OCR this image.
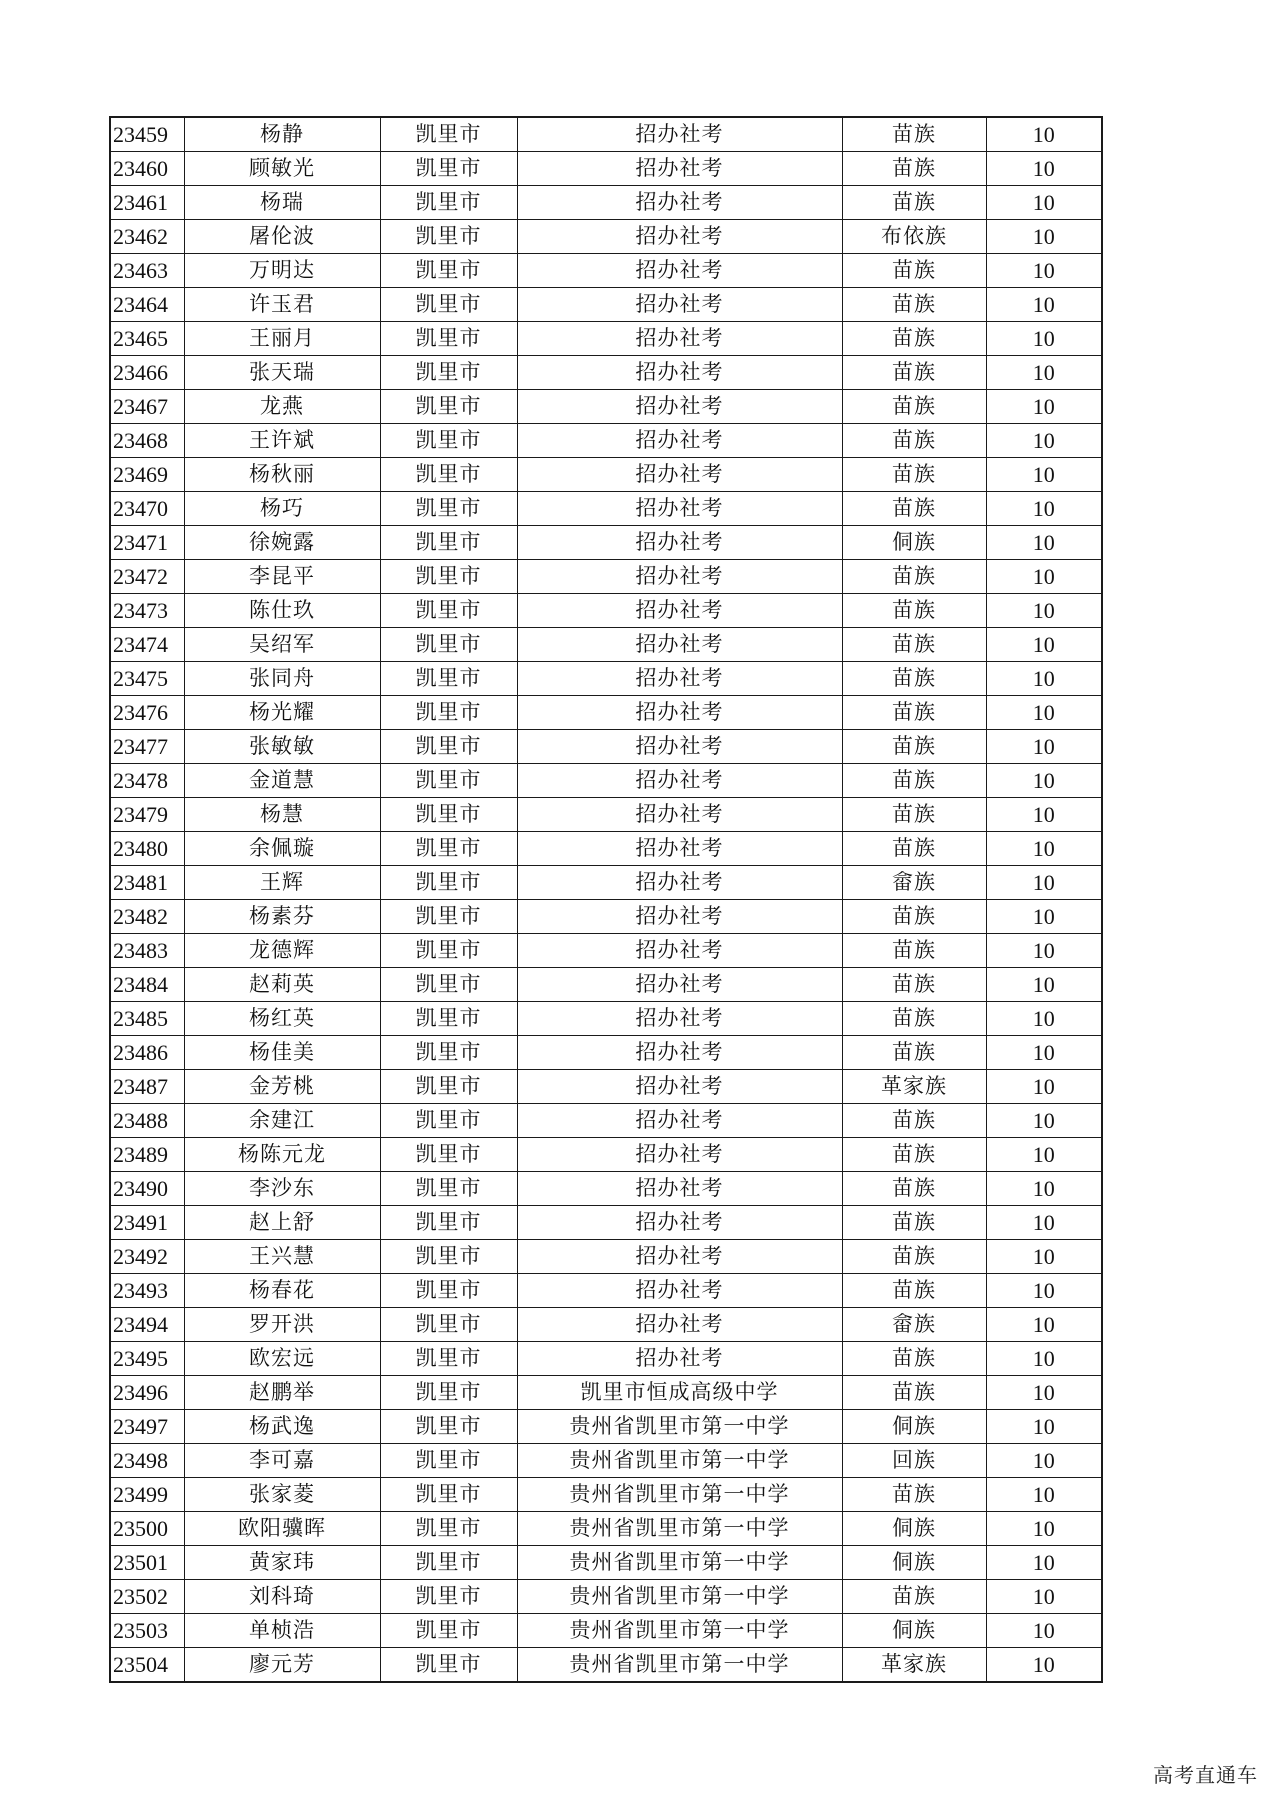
23459	杨静	凯里市	招办社考	苗族	10
23460	顾敏光	凯里市	招办社考	苗族	10
23461	杨瑞	凯里市	招办社考	苗族	10
23462	屠伦波	凯里市	招办社考	布依族	10
23463	万明达	凯里市	招办社考	苗族	10
23464	许玉君	凯里市	招办社考	苗族	10
23465	王丽月	凯里市	招办社考	苗族	10
23466	张天瑞	凯里市	招办社考	苗族	10
23467	龙燕	凯里市	招办社考	苗族	10
23468	王许斌	凯里市	招办社考	苗族	10
23469	杨秋丽	凯里市	招办社考	苗族	10
23470	杨巧	凯里市	招办社考	苗族	10
23471	徐婉露	凯里市	招办社考	侗族	10
23472	李昆平	凯里市	招办社考	苗族	10
23473	陈仕玖	凯里市	招办社考	苗族	10
23474	吴绍军	凯里市	招办社考	苗族	10
23475	张同舟	凯里市	招办社考	苗族	10
23476	杨光耀	凯里市	招办社考	苗族	10
23477	张敏敏	凯里市	招办社考	苗族	10
23478	金道慧	凯里市	招办社考	苗族	10
23479	杨慧	凯里市	招办社考	苗族	10
23480	余佩璇	凯里市	招办社考	苗族	10
23481	王辉	凯里市	招办社考	畲族	10
23482	杨素芬	凯里市	招办社考	苗族	10
23483	龙德辉	凯里市	招办社考	苗族	10
23484	赵莉英	凯里市	招办社考	苗族	10
23485	杨红英	凯里市	招办社考	苗族	10
23486	杨佳美	凯里市	招办社考	苗族	10
23487	金芳桃	凯里市	招办社考	革家族	10
23488	余建江	凯里市	招办社考	苗族	10
23489	杨陈元龙	凯里市	招办社考	苗族	10
23490	李沙东	凯里市	招办社考	苗族	10
23491	赵上舒	凯里市	招办社考	苗族	10
23492	王兴慧	凯里市	招办社考	苗族	10
23493	杨春花	凯里市	招办社考	苗族	10
23494	罗开洪	凯里市	招办社考	畲族	10
23495	欧宏远	凯里市	招办社考	苗族	10
23496	赵鹏举	凯里市	凯里市恒成高级中学	苗族	10
23497	杨武逸	凯里市	贵州省凯里市第一中学	侗族	10
23498	李可嘉	凯里市	贵州省凯里市第一中学	回族	10
23499	张家菱	凯里市	贵州省凯里市第一中学	苗族	10
23500	欧阳骥晖	凯里市	贵州省凯里市第一中学	侗族	10
23501	黄家玮	凯里市	贵州省凯里市第一中学	侗族	10
23502	刘科琦	凯里市	贵州省凯里市第一中学	苗族	10
23503	单桢浩	凯里市	贵州省凯里市第一中学	侗族	10
23504	廖元芳	凯里市	贵州省凯里市第一中学	革家族	10
高考直通车
